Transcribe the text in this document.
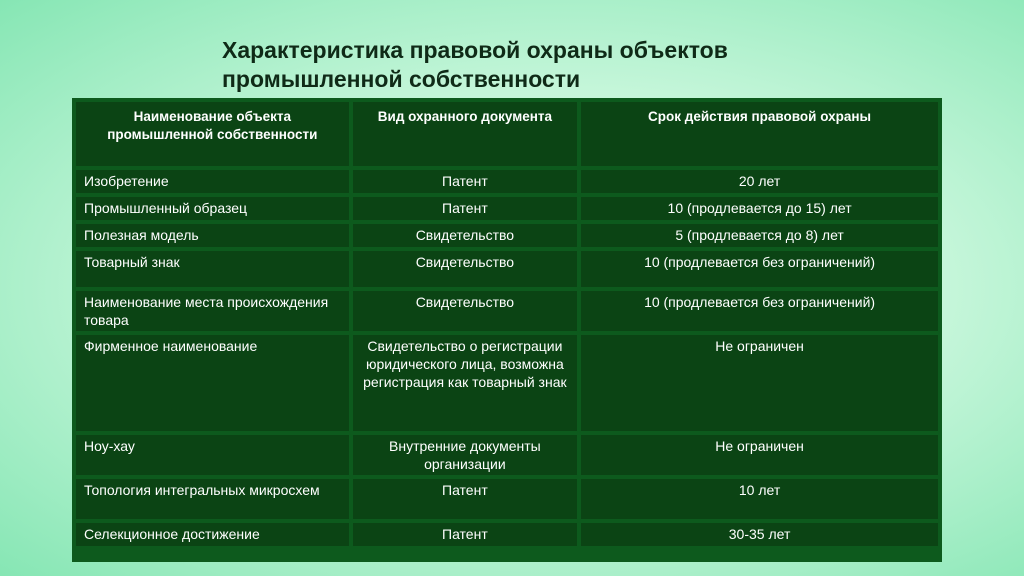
Характеристика правовой охраны объектов
промышленной собственности
Наименование объекта промышленной собственности	Вид охранного документа	Срок действия правовой охраны
Изобретение	Патент	20 лет
Промышленный образец	Патент	10 (продлевается до 15) лет
Полезная модель	Свидетельство	5 (продлевается до 8) лет
Товарный знак	Свидетельство	10 (продлевается без ограничений)
Наименование места происхождения товара	Свидетельство	10 (продлевается без ограничений)
Фирменное наименование	Свидетельство о регистрации юридического лица, возможна регистрация как товарный знак	Не ограничен
Ноу-хау	Внутренние документы организации	Не ограничен
Топология интегральных микросхем	Патент	10 лет
Селекционное достижение	Патент	30-35 лет
